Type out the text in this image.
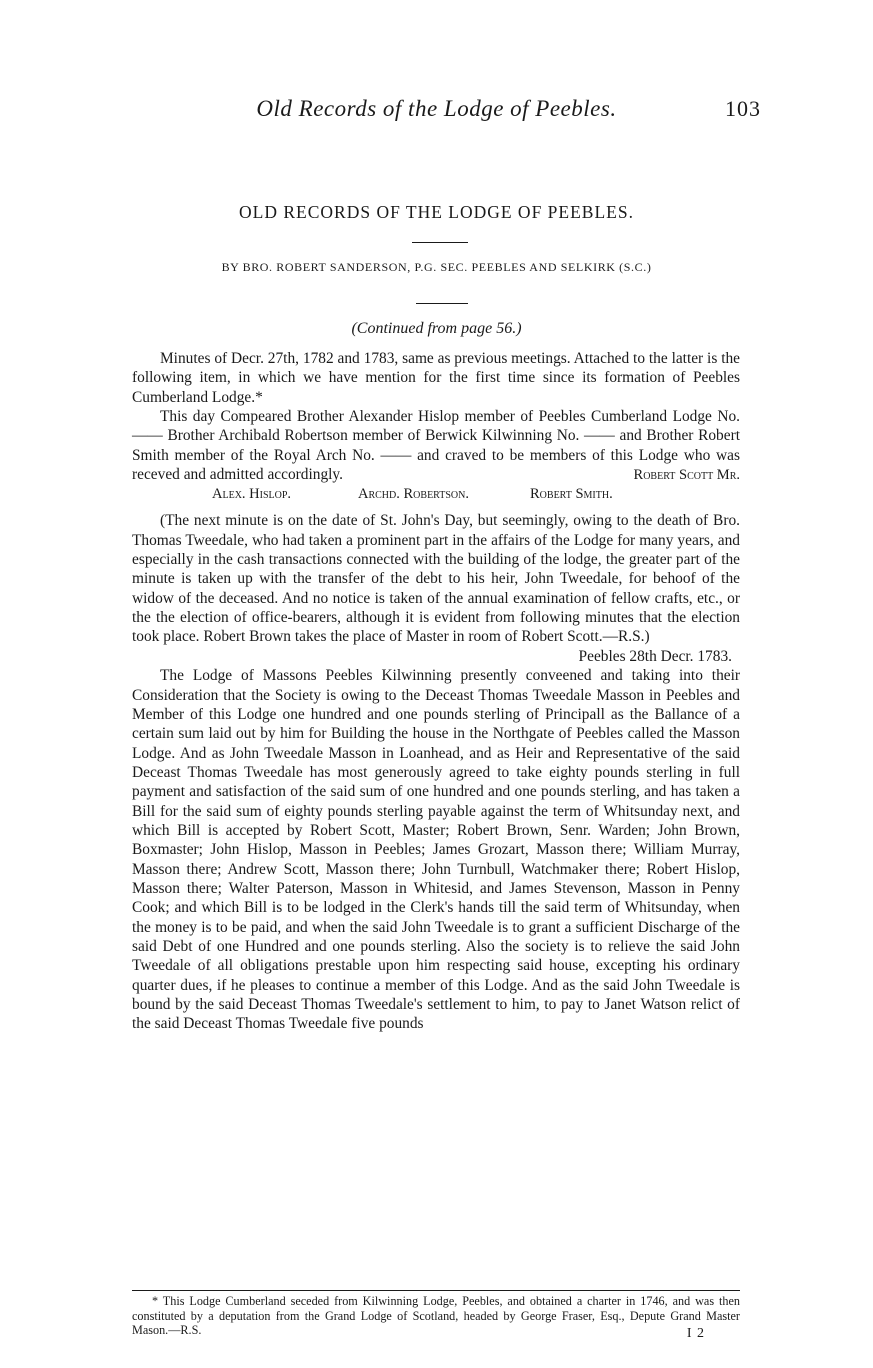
Old Records of the Lodge of Peebles.	103
OLD RECORDS OF THE LODGE OF PEEBLES.
BY BRO. ROBERT SANDERSON, P.G. SEC. PEEBLES AND SELKIRK (S.C.)
(Continued from page 56.)

Minutes of Decr. 27th, 1782 and 1783, same as previous meetings. Attached to the latter is the following item, in which we have mention for the first time since its formation of Peebles Cumberland Lodge.*

This day Compeared Brother Alexander Hislop member of Peebles Cumberland Lodge No. —— Brother Archibald Robertson member of Berwick Kilwinning No. —— and Brother Robert Smith member of the Royal Arch No. —— and craved to be members of this Lodge who was receved and admitted accordingly.	Robert Scott Mr.
Alex. Hislop.	Archd. Robertson.	Robert Smith.

(The next minute is on the date of St. John's Day, but seemingly, owing to the death of Bro. Thomas Tweedale, who had taken a prominent part in the affairs of the Lodge for many years, and especially in the cash transactions connected with the building of the lodge, the greater part of the minute is taken up with the transfer of the debt to his heir, John Tweedale, for behoof of the widow of the deceased. And no notice is taken of the annual examination of fellow crafts, etc., or the the election of office-bearers, although it is evident from following minutes that the election took place. Robert Brown takes the place of Master in room of Robert Scott.—R.S.)

Peebles 28th Decr. 1783.

The Lodge of Massons Peebles Kilwinning presently conveened and taking into their Consideration that the Society is owing to the Deceast Thomas Tweedale Masson in Peebles and Member of this Lodge one hundred and one pounds sterling of Principall as the Ballance of a certain sum laid out by him for Building the house in the Northgate of Peebles called the Masson Lodge. And as John Tweedale Masson in Loanhead, and as Heir and Representative of the said Deceast Thomas Tweedale has most generously agreed to take eighty pounds sterling in full payment and satisfaction of the said sum of one hundred and one pounds sterling, and has taken a Bill for the said sum of eighty pounds sterling payable against the term of Whitsunday next, and which Bill is accepted by Robert Scott, Master; Robert Brown, Senr. Warden; John Brown, Boxmaster; John Hislop, Masson in Peebles; James Grozart, Masson there; William Murray, Masson there; Andrew Scott, Masson there; John Turnbull, Watchmaker there; Robert Hislop, Masson there; Walter Paterson, Masson in Whitesid, and James Stevenson, Masson in Penny Cook; and which Bill is to be lodged in the Clerk's hands till the said term of Whitsunday, when the money is to be paid, and when the said John Tweedale is to grant a sufficient Discharge of the said Debt of one Hundred and one pounds sterling. Also the society is to relieve the said John Tweedale of all obligations prestable upon him respecting said house, excepting his ordinary quarter dues, if he pleases to continue a member of this Lodge. And as the said John Tweedale is bound by the said Deceast Thomas Tweedale's settlement to him, to pay to Janet Watson relict of the said Deceast Thomas Tweedale five pounds

* This Lodge Cumberland seceded from Kilwinning Lodge, Peebles, and obtained a charter in 1746, and was then constituted by a deputation from the Grand Lodge of Scotland, headed by George Fraser, Esq., Depute Grand Master Mason.—R.S.	I 2
